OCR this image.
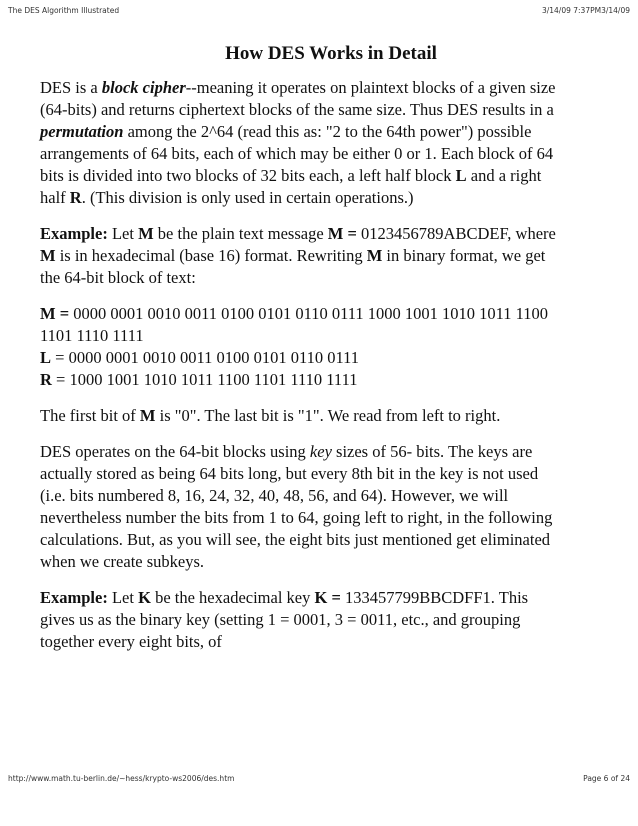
The DES Algorithm Illustrated	3/14/09 7:37PM3/14/09
How DES Works in Detail

DES is a block cipher--meaning it operates on plaintext blocks of a given size (64-bits) and returns ciphertext blocks of the same size. Thus DES results in a permutation among the 2^64 (read this as: "2 to the 64th power") possible arrangements of 64 bits, each of which may be either 0 or 1. Each block of 64 bits is divided into two blocks of 32 bits each, a left half block L and a right half R. (This division is only used in certain operations.)

Example: Let M be the plain text message M = 0123456789ABCDEF, where M is in hexadecimal (base 16) format. Rewriting M in binary format, we get the 64-bit block of text:

M = 0000 0001 0010 0011 0100 0101 0110 0111 1000 1001 1010 1011 1100 1101 1110 1111
L = 0000 0001 0010 0011 0100 0101 0110 0111
R = 1000 1001 1010 1011 1100 1101 1110 1111

The first bit of M is "0". The last bit is "1". We read from left to right.

DES operates on the 64-bit blocks using key sizes of 56- bits. The keys are actually stored as being 64 bits long, but every 8th bit in the key is not used (i.e. bits numbered 8, 16, 24, 32, 40, 48, 56, and 64). However, we will nevertheless number the bits from 1 to 64, going left to right, in the following calculations. But, as you will see, the eight bits just mentioned get eliminated when we create subkeys.

Example: Let K be the hexadecimal key K = 133457799BBCDFF1. This gives us as the binary key (setting 1 = 0001, 3 = 0011, etc., and grouping together every eight bits, of

http://www.math.tu-berlin.de/~hess/krypto-ws2006/des.htm	Page 6 of 24
